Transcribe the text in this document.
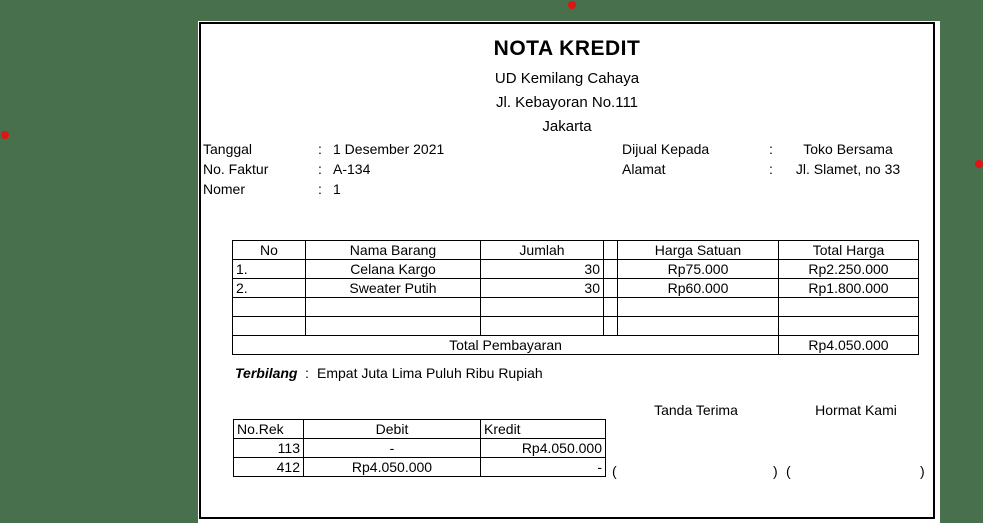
NOTA KREDIT
UD Kemilang Cahaya
Jl. Kebayoran No.111
Jakarta
Tanggal	: 1 Desember 2021
No. Faktur	: A-134
Nomer	: 1
Dijual Kepada	:	Toko Bersama
Alamat	:	Jl. Slamet, no 33
No	Nama Barang	Jumlah		Harga Satuan	Total Harga
1.	Celana Kargo	30		Rp75.000	Rp2.250.000
2.	Sweater Putih	30		Rp60.000	Rp1.800.000

Total Pembayaran					Rp4.050.000
Terbilang : Empat Juta Lima Puluh Ribu Rupiah
Tanda Terima	Hormat Kami
No.Rek	Debit	Kredit
113	-	Rp4.050.000
412	Rp4.050.000	- (	) (	)
